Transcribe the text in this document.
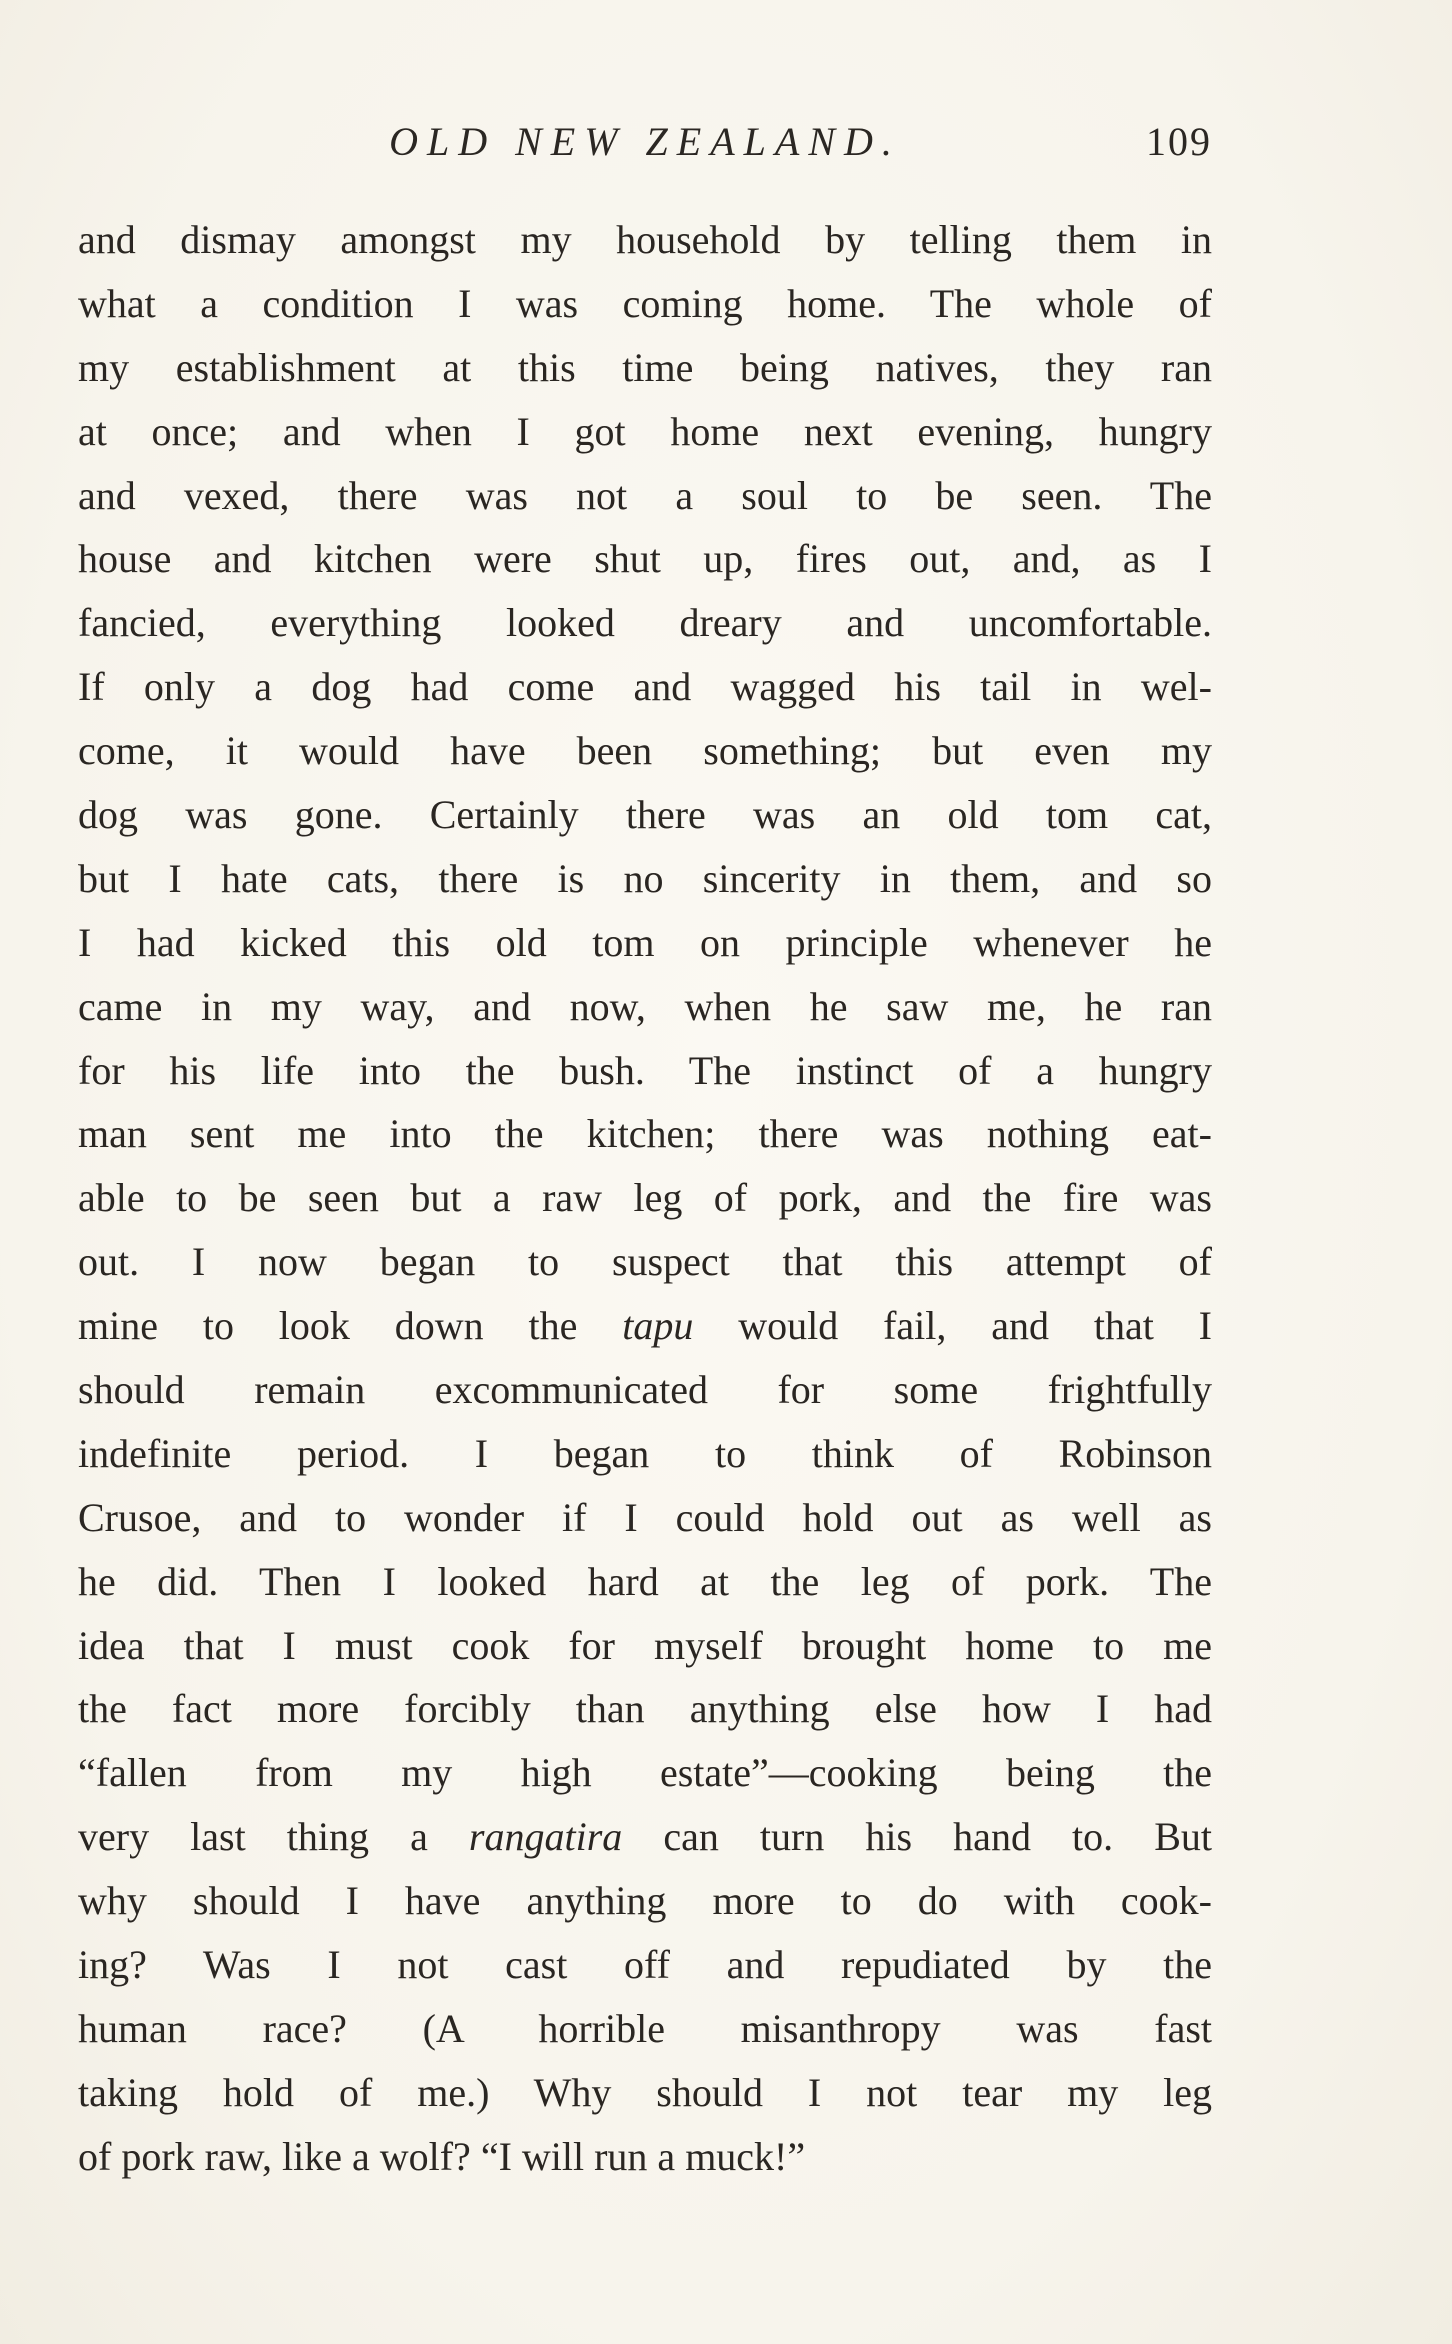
OLD NEW ZEALAND.	109
and dismay amongst my household by telling them in
what a condition I was coming home. The whole of
my establishment at this time being natives, they ran
at once; and when I got home next evening, hungry
and vexed, there was not a soul to be seen. The
house and kitchen were shut up, fires out, and, as I
fancied, everything looked dreary and uncomfortable.
If only a dog had come and wagged his tail in wel-
come, it would have been something; but even my
dog was gone. Certainly there was an old tom cat,
but I hate cats, there is no sincerity in them, and so
I had kicked this old tom on principle whenever he
came in my way, and now, when he saw me, he ran
for his life into the bush. The instinct of a hungry
man sent me into the kitchen; there was nothing eat-
able to be seen but a raw leg of pork, and the fire was
out. I now began to suspect that this attempt of
mine to look down the tapu would fail, and that I
should remain excommunicated for some frightfully
indefinite period. I began to think of Robinson
Crusoe, and to wonder if I could hold out as well as
he did. Then I looked hard at the leg of pork. The
idea that I must cook for myself brought home to me
the fact more forcibly than anything else how I had
“fallen from my high estate”—cooking being the
very last thing a rangatira can turn his hand to. But
why should I have anything more to do with cook-
ing? Was I not cast off and repudiated by the
human race? (A horrible misanthropy was fast
taking hold of me.) Why should I not tear my leg
of pork raw, like a wolf? “I will run a muck!”
